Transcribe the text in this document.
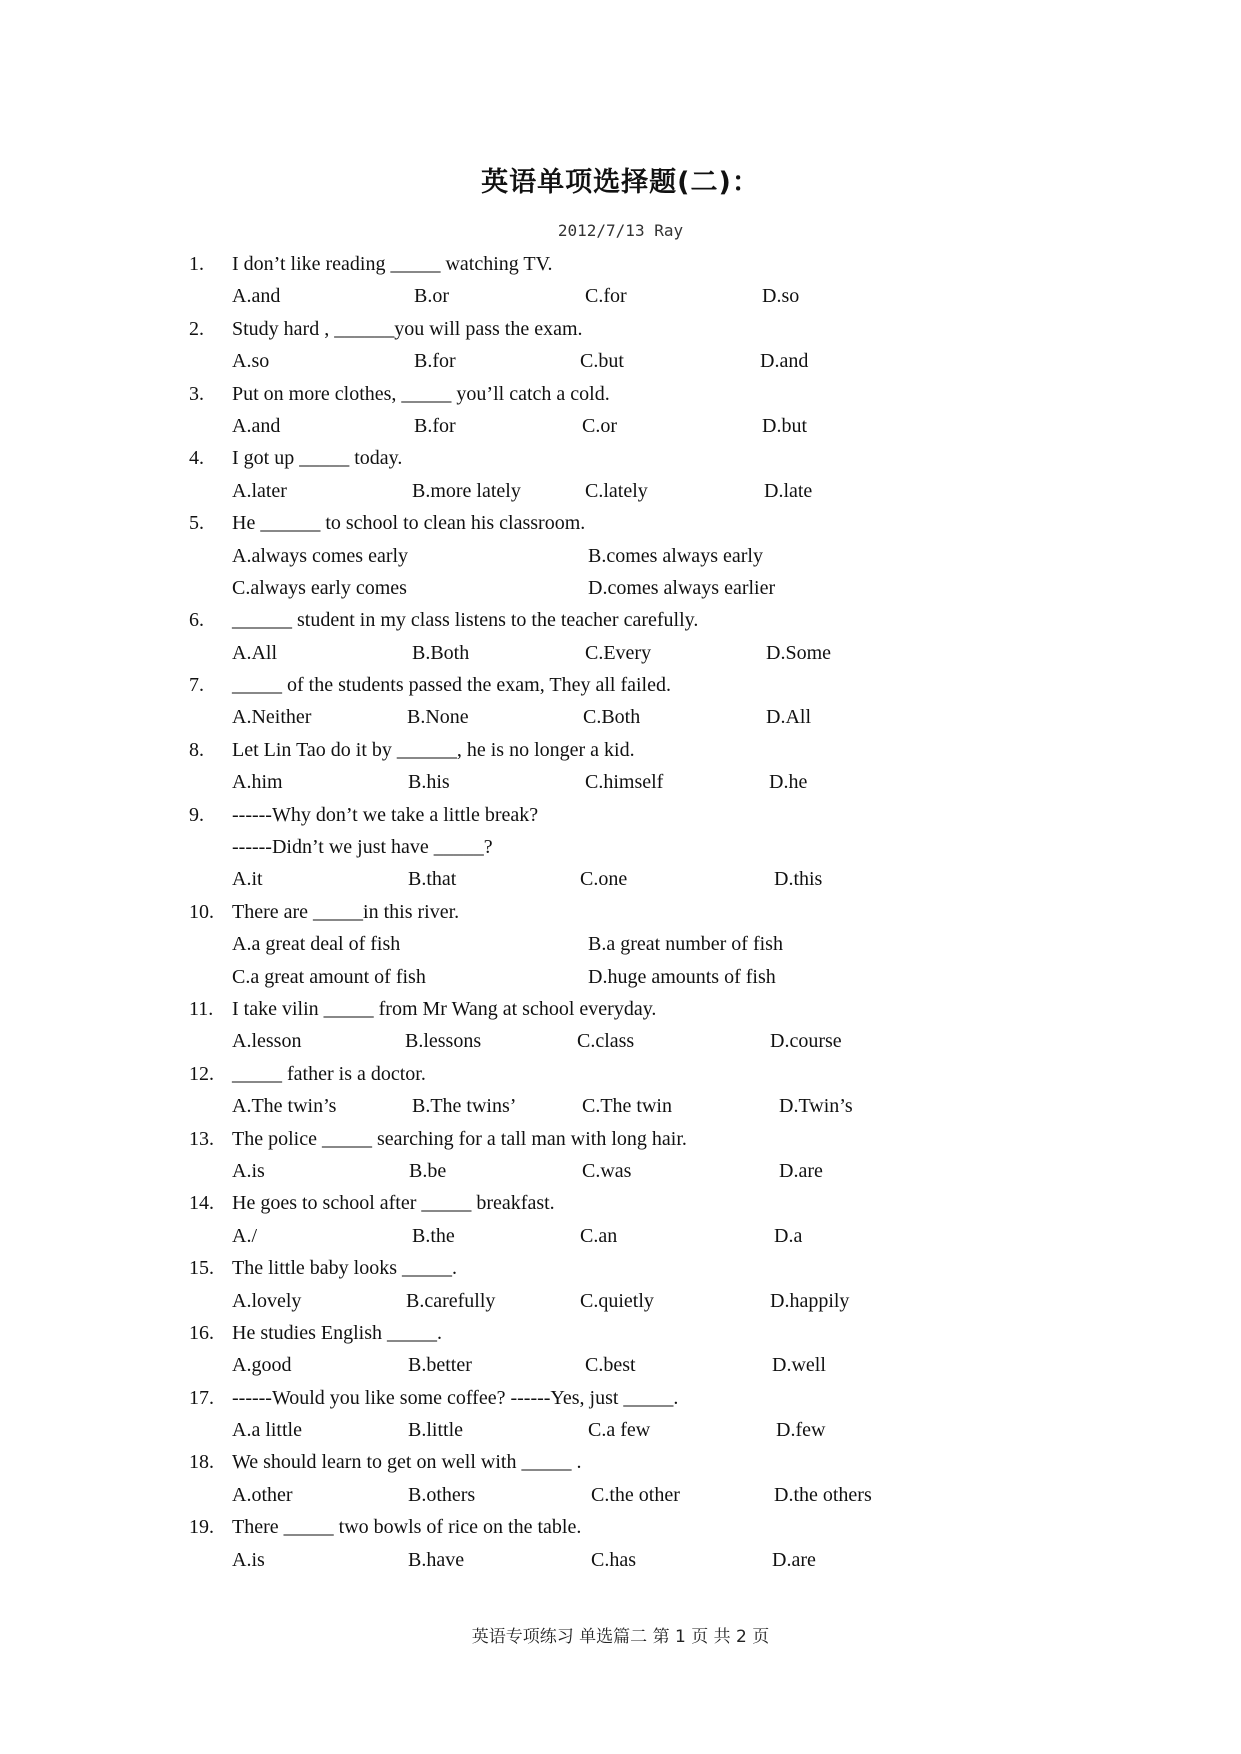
英语单项选择题(二)：
2012/7/13 Ray
1. I don’t like reading _____ watching TV.
A.and	B.or	C.for	D.so
2. Study hard , ______you will pass the exam.
A.so	B.for	C.but	D.and
3. Put on more clothes, _____ you’ll catch a cold.
A.and	B.for	C.or	D.but
4. I got up _____ today.
A.later	B.more lately	C.lately	D.late
5. He ______ to school to clean his classroom.
A.always comes early	B.comes always early
C.always early comes	D.comes always earlier
6. ______ student in my class listens to the teacher carefully.
A.All	B.Both	C.Every	D.Some
7. _____ of the students passed the exam, They all failed.
A.Neither	B.None	C.Both	D.All
8. Let Lin Tao do it by ______, he is no longer a kid.
A.him	B.his	C.himself	D.he
9. ------Why don’t we take a little break?
------Didn’t we just have _____?
A.it	B.that	C.one	D.this
10. There are _____in this river.
A.a great deal of fish	B.a great number of fish
C.a great amount of fish	D.huge amounts of fish
11. I take vilin _____ from Mr Wang at school everyday.
A.lesson	B.lessons	C.class	D.course
12. _____ father is a doctor.
A.The twin’s	B.The twins’	C.The twin	D.Twin’s
13. The police _____ searching for a tall man with long hair.
A.is	B.be	C.was	D.are
14. He goes to school after _____ breakfast.
A./	B.the	C.an	D.a
15. The little baby looks _____.
A.lovely	B.carefully	C.quietly	D.happily
16. He studies English _____.
A.good	B.better	C.best	D.well
17. ------Would you like some coffee? ------Yes, just _____.
A.a little	B.little	C.a few	D.few
18. We should learn to get on well with _____ .
A.other	B.others	C.the other	D.the others
19. There _____ two bowls of rice on the table.
A.is	B.have	C.has	D.are
英语专项练习 单选篇二 第 1 页 共 2 页
